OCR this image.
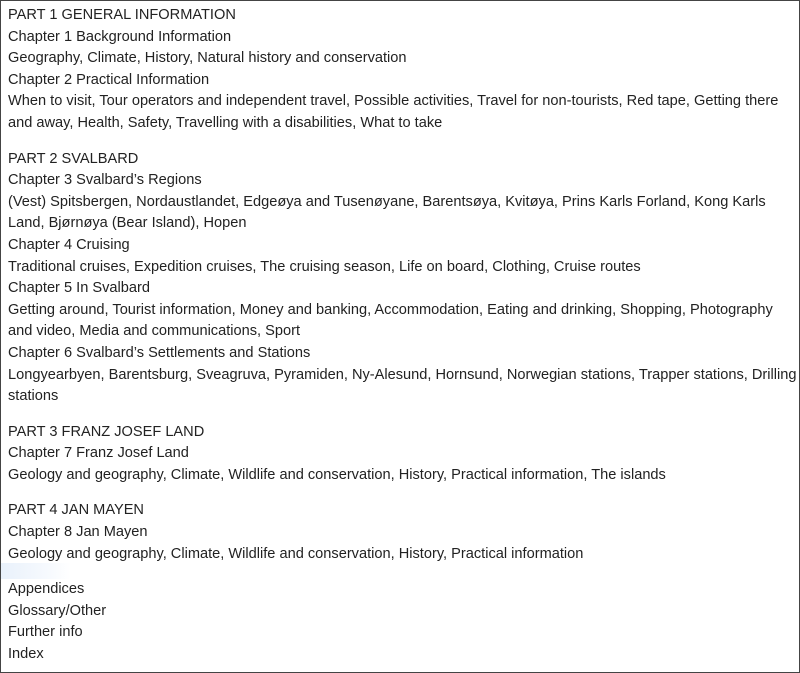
PART 1 GENERAL INFORMATION
Chapter 1 Background Information
Geography, Climate, History, Natural history and conservation
Chapter 2 Practical Information
When to visit, Tour operators and independent travel, Possible activities, Travel for non-tourists, Red tape, Getting there and away, Health, Safety, Travelling with a disabilities, What to take
PART 2 SVALBARD
Chapter 3 Svalbard’s Regions
(Vest) Spitsbergen, Nordaustlandet, Edgeøya and Tusenøyane, Barentsøya, Kvitøya, Prins Karls Forland, Kong Karls Land, Bjørnøya (Bear Island), Hopen
Chapter 4 Cruising
Traditional cruises, Expedition cruises, The cruising season, Life on board, Clothing, Cruise routes
Chapter 5 In Svalbard
Getting around, Tourist information, Money and banking, Accommodation, Eating and drinking, Shopping, Photography and video, Media and communications, Sport
Chapter 6 Svalbard’s Settlements and Stations
Longyearbyen, Barentsburg, Sveagruva, Pyramiden, Ny-Alesund, Hornsund, Norwegian stations, Trapper stations, Drilling stations
PART 3 FRANZ JOSEF LAND
Chapter 7 Franz Josef Land
Geology and geography, Climate, Wildlife and conservation, History, Practical information, The islands
PART 4 JAN MAYEN
Chapter 8 Jan Mayen
Geology and geography, Climate, Wildlife and conservation, History, Practical information
Appendices
Glossary/Other
Further info
Index
